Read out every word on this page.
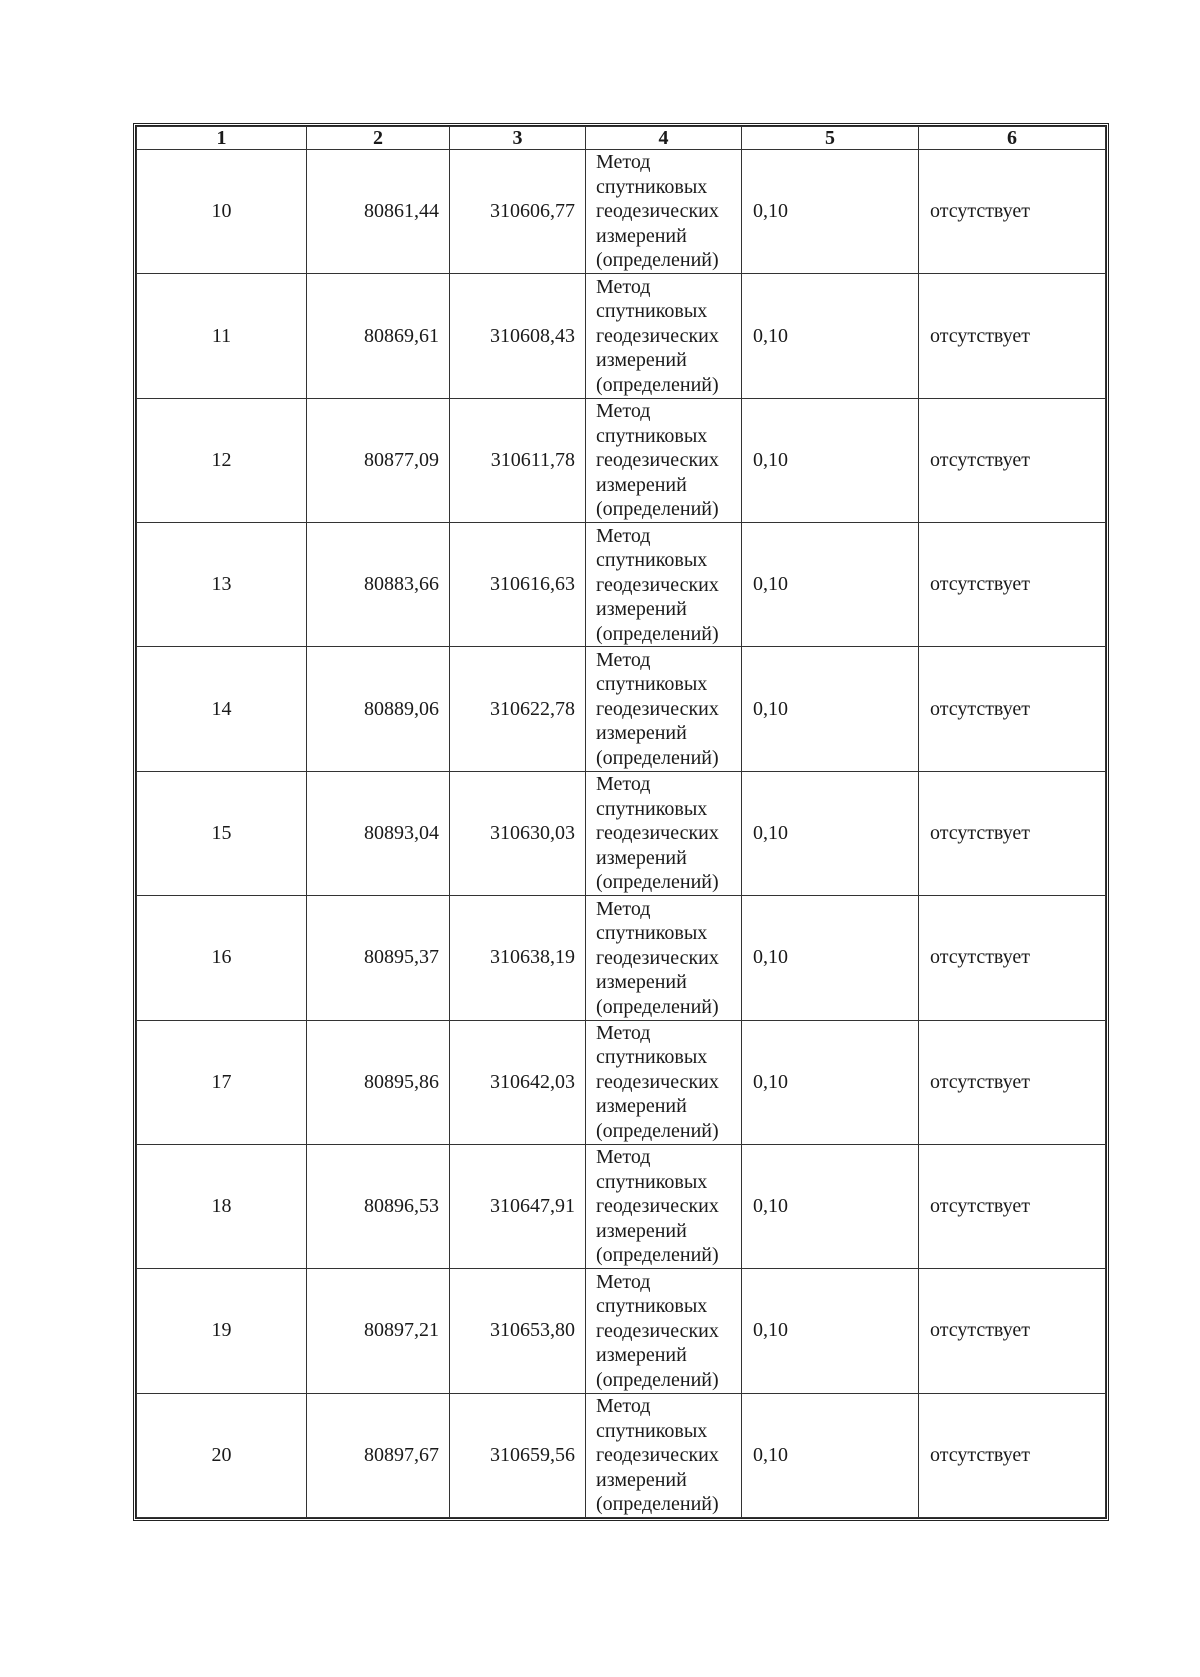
1	2	3	4	5	6
10	80861,44	310606,77	Метод
спутниковых
геодезических
измерений
(определений)	0,10	отсутствует
11	80869,61	310608,43	Метод
спутниковых
геодезических
измерений
(определений)	0,10	отсутствует
12	80877,09	310611,78	Метод
спутниковых
геодезических
измерений
(определений)	0,10	отсутствует
13	80883,66	310616,63	Метод
спутниковых
геодезических
измерений
(определений)	0,10	отсутствует
14	80889,06	310622,78	Метод
спутниковых
геодезических
измерений
(определений)	0,10	отсутствует
15	80893,04	310630,03	Метод
спутниковых
геодезических
измерений
(определений)	0,10	отсутствует
16	80895,37	310638,19	Метод
спутниковых
геодезических
измерений
(определений)	0,10	отсутствует
17	80895,86	310642,03	Метод
спутниковых
геодезических
измерений
(определений)	0,10	отсутствует
18	80896,53	310647,91	Метод
спутниковых
геодезических
измерений
(определений)	0,10	отсутствует
19	80897,21	310653,80	Метод
спутниковых
геодезических
измерений
(определений)	0,10	отсутствует
20	80897,67	310659,56	Метод
спутниковых
геодезических
измерений
(определений)	0,10	отсутствует
